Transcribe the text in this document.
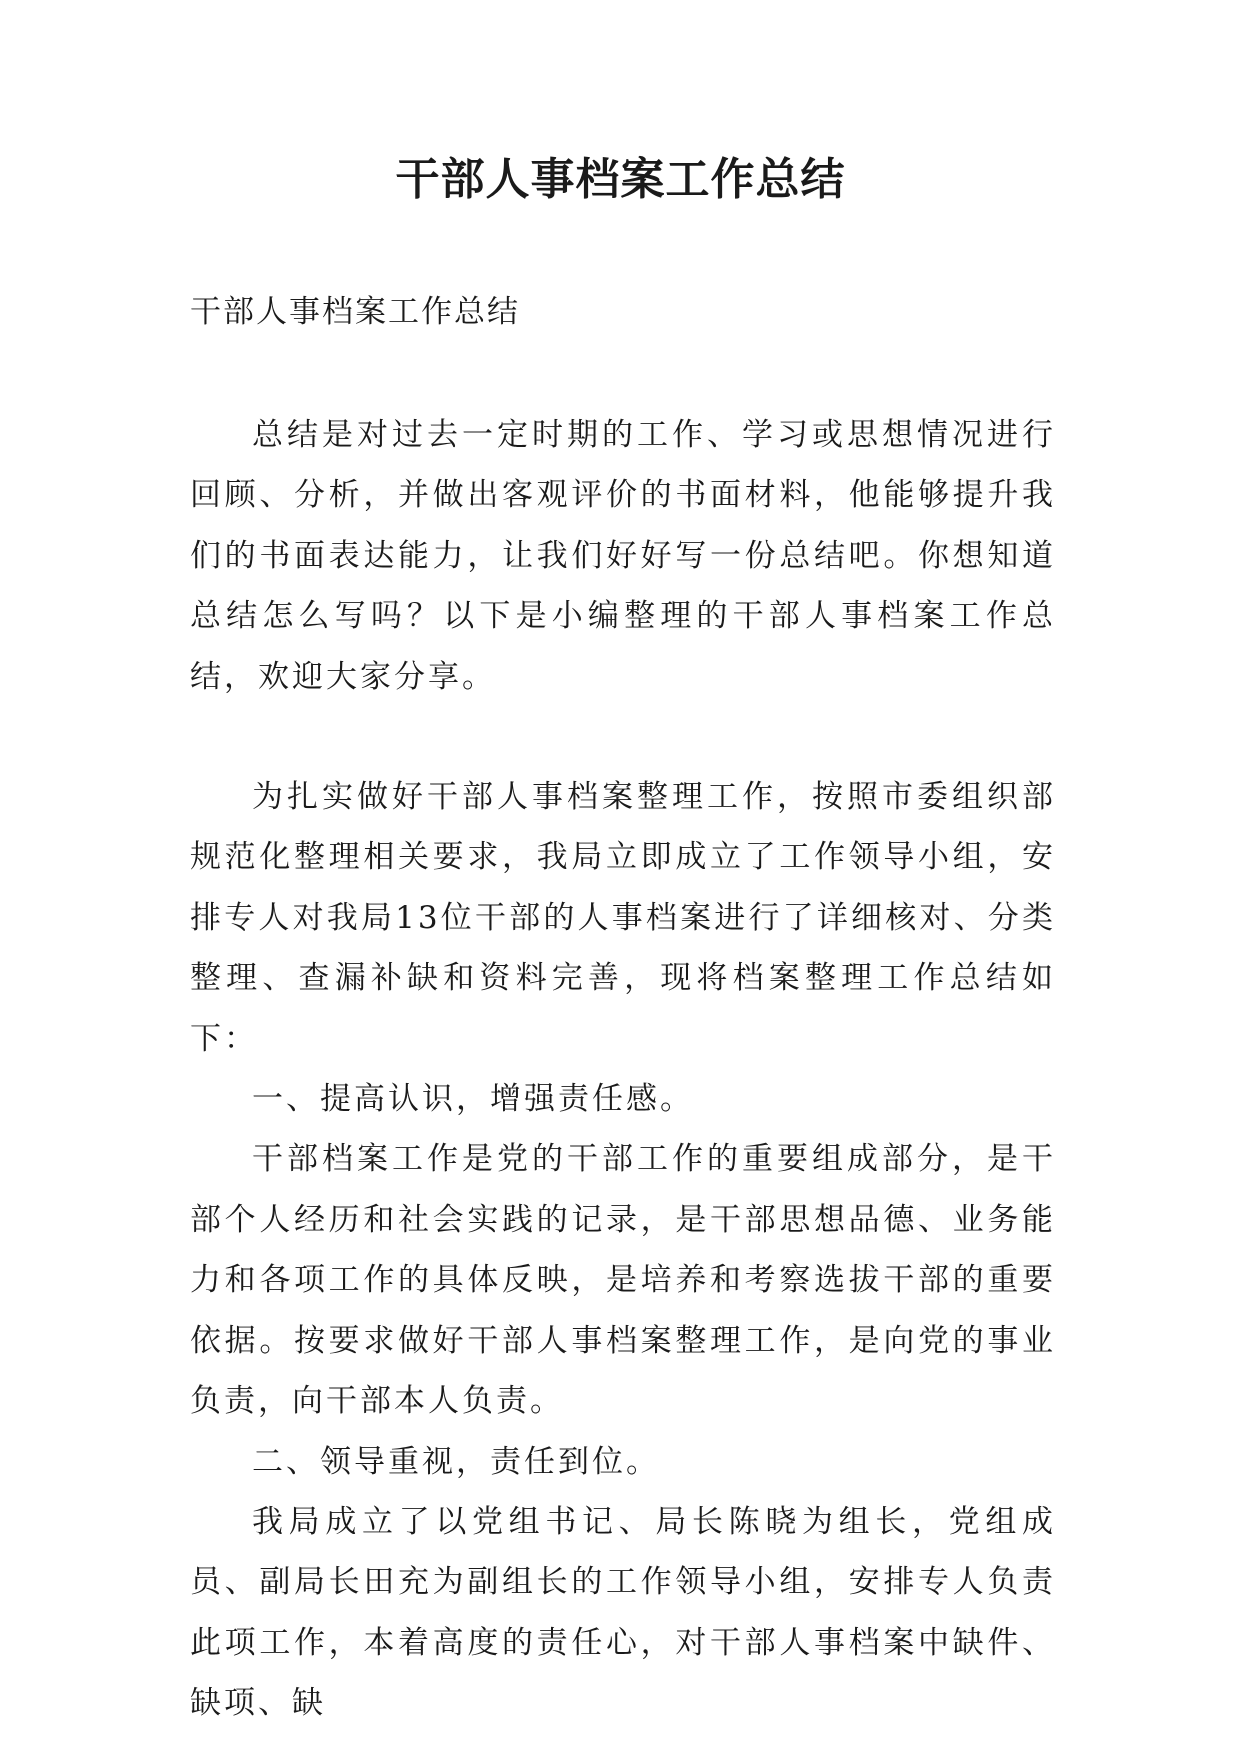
干部人事档案工作总结
干部人事档案工作总结

总结是对过去一定时期的工作、学习或思想情况进行回顾、分析，并做出客观评价的书面材料，他能够提升我们的书面表达能力，让我们好好写一份总结吧。你想知道总结怎么写吗？以下是小编整理的干部人事档案工作总结，欢迎大家分享。

为扎实做好干部人事档案整理工作，按照市委组织部规范化整理相关要求，我局立即成立了工作领导小组，安排专人对我局13位干部的人事档案进行了详细核对、分类整理、查漏补缺和资料完善，现将档案整理工作总结如下：

一、提高认识，增强责任感。

干部档案工作是党的干部工作的重要组成部分，是干部个人经历和社会实践的记录，是干部思想品德、业务能力和各项工作的具体反映，是培养和考察选拔干部的重要依据。按要求做好干部人事档案整理工作，是向党的事业负责，向干部本人负责。

二、领导重视，责任到位。

我局成立了以党组书记、局长陈晓为组长，党组成员、副局长田充为副组长的工作领导小组，安排专人负责此项工作，本着高度的责任心，对干部人事档案中缺件、缺项、缺
